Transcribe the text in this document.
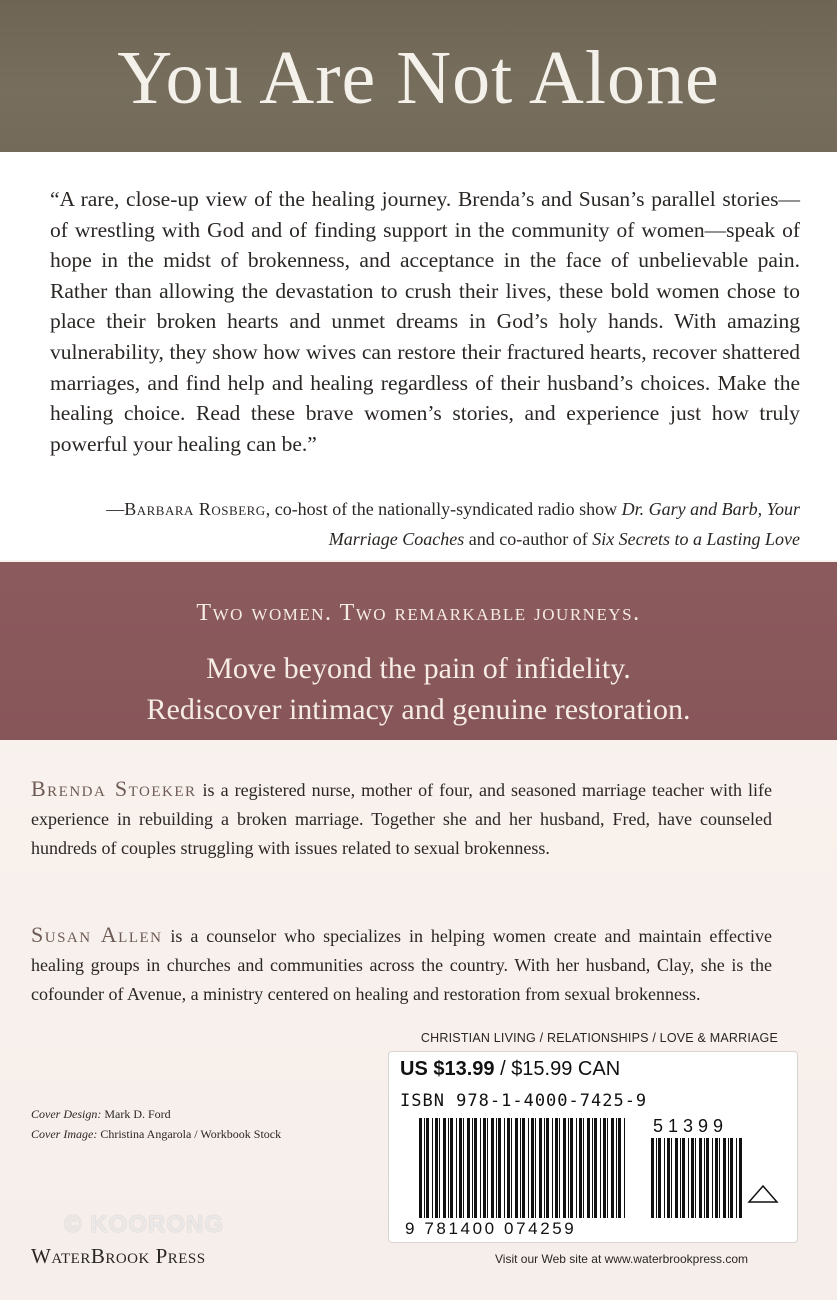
You Are Not Alone
“A rare, close-up view of the healing journey. Brenda’s and Susan’s parallel stories—of wrestling with God and of finding support in the community of women—speak of hope in the midst of brokenness, and acceptance in the face of unbelievable pain. Rather than allowing the devastation to crush their lives, these bold women chose to place their broken hearts and unmet dreams in God’s holy hands. With amazing vulnerability, they show how wives can restore their fractured hearts, recover shattered marriages, and find help and healing regardless of their husband’s choices. Make the healing choice. Read these brave women’s stories, and experience just how truly powerful your healing can be.”
—Barbara Rosberg, co-host of the nationally-syndicated radio show Dr. Gary and Barb, Your Marriage Coaches and co-author of Six Secrets to a Lasting Love
Two women. Two remarkable journeys.
Move beyond the pain of infidelity.
Rediscover intimacy and genuine restoration.
Brenda Stoeker is a registered nurse, mother of four, and seasoned marriage teacher with life experience in rebuilding a broken marriage. Together she and her husband, Fred, have counseled hundreds of couples struggling with issues related to sexual brokenness.
Susan Allen is a counselor who specializes in helping women create and maintain effective healing groups in churches and communities across the country. With her husband, Clay, she is the cofounder of Avenue, a ministry centered on healing and restoration from sexual brokenness.
CHRISTIAN LIVING / RELATIONSHIPS / LOVE & MARRIAGE
US $13.99 / $15.99 CAN
ISBN 978-1-4000-7425-9
51399
9 781400 074259
Visit our Web site at www.waterbrookpress.com
Cover Design: Mark D. Ford
Cover Image: Christina Angarola / Workbook Stock
© KOORONG
WaterBrook Press
